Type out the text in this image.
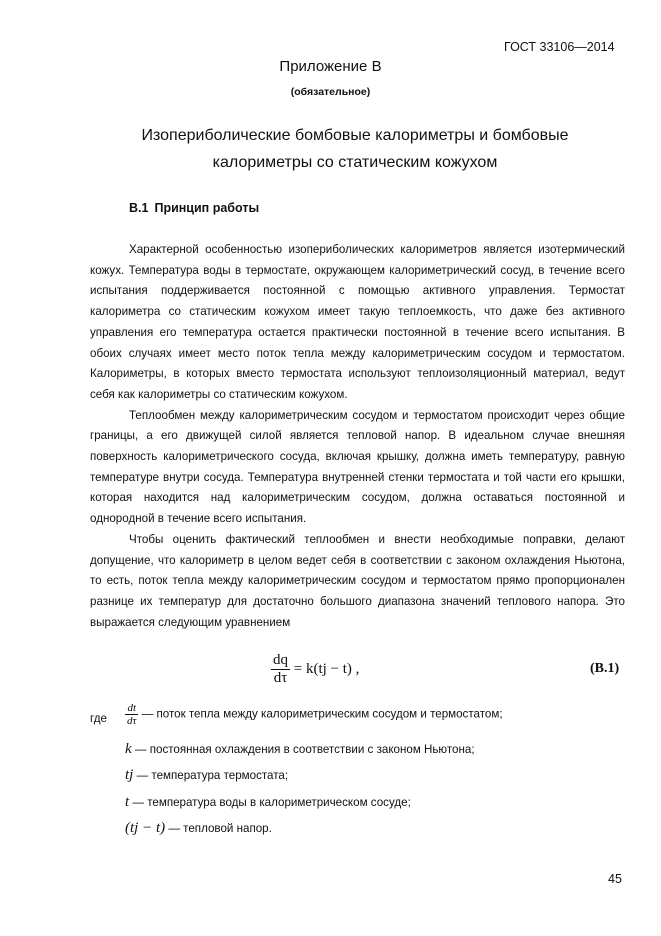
ГОСТ 33106—2014
Приложение В
(обязательное)
Изопериболические бомбовые калориметры и бомбовые
калориметры со статическим кожухом
В.1 Принцип работы

Характерной особенностью изопериболических калориметров является изотермический кожух. Температура воды в термостате, окружающем калориметрический сосуд, в течение всего испытания поддерживается постоянной с помощью активного управления. Термостат калориметра со статическим кожухом имеет такую теплоемкость, что даже без активного управления его температура остается практически постоянной в течение всего испытания. В обоих случаях имеет место поток тепла между калориметрическим сосудом и термостатом. Калориметры, в которых вместо термостата используют теплоизоляционный материал, ведут себя как калориметры со статическим кожухом.

Теплообмен между калориметрическим сосудом и термостатом происходит через общие границы, а его движущей силой является тепловой напор. В идеальном случае внешняя поверхность калориметрического сосуда, включая крышку, должна иметь температуру, равную температуре внутри сосуда. Температура внутренней стенки термостата и той части его крышки, которая находится над калориметрическим сосудом, должна оставаться постоянной и однородной в течение всего испытания.

Чтобы оценить фактический теплообмен и внести необходимые поправки, делают допущение, что калориметр в целом ведет себя в соответствии с законом охлаждения Ньютона, то есть, поток тепла между калориметрическим сосудом и термостатом прямо пропорционален разнице их температур для достаточно большого диапазона значений теплового напора. Это выражается следующим уравнением

$\frac{dq}{d\tau} = k(tj - t)$ ,	(В.1)
где $\frac{dt}{d\tau}$ — поток тепла между калориметрическим сосудом и термостатом;
k — постоянная охлаждения в соответствии с законом Ньютона;
tj — температура термостата;
t — температура воды в калориметрическом сосуде;
(tj − t) — тепловой напор.
45
